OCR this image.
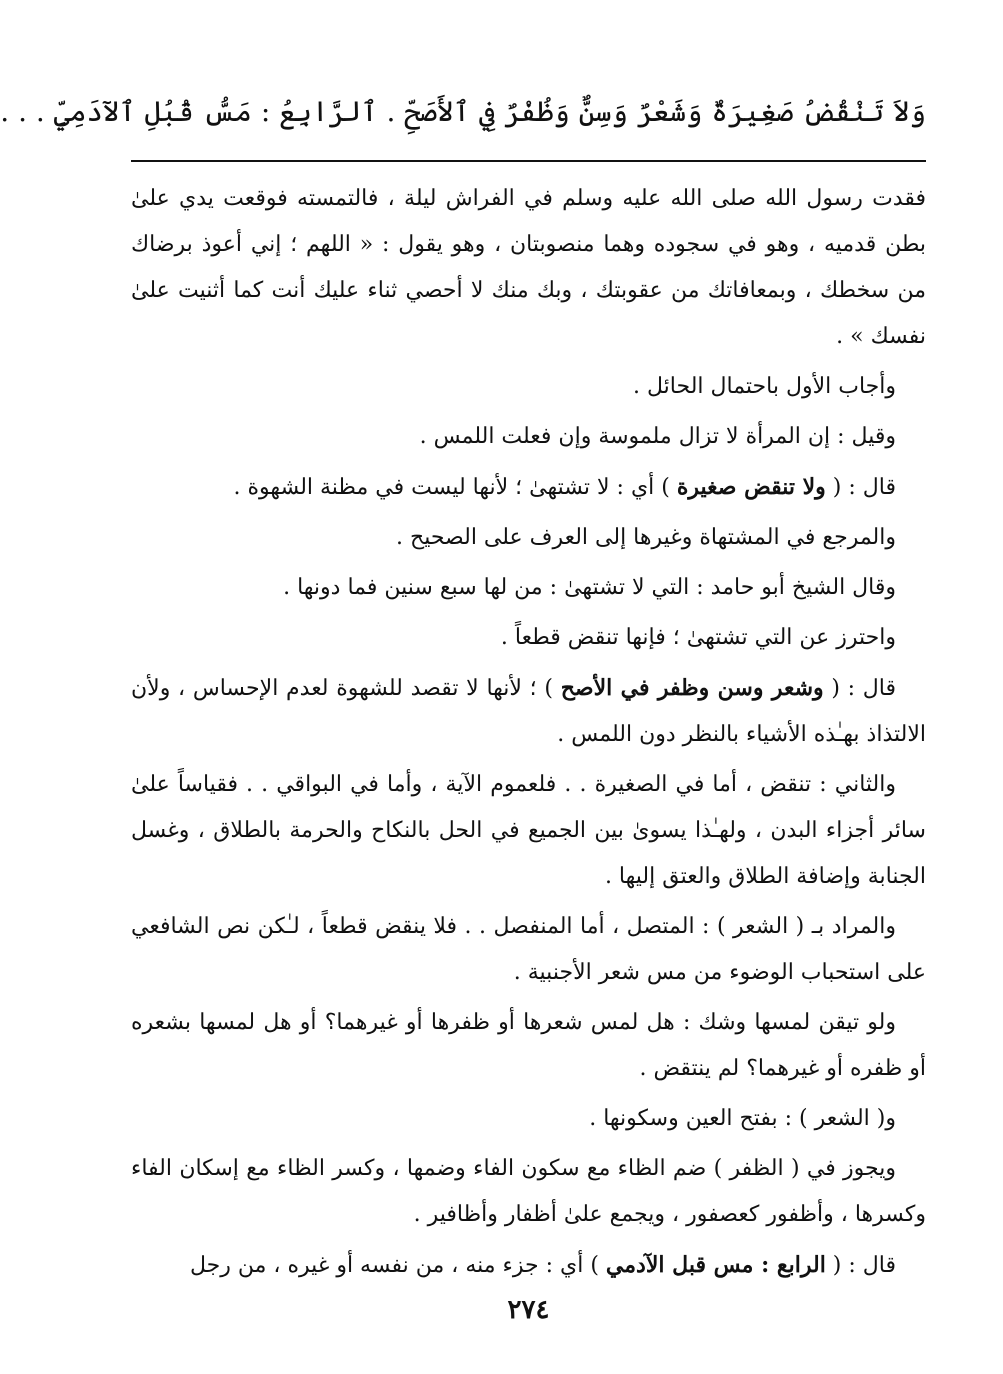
وَلاَ تَنْقُضُ صَغِيرَةٌ وَشَعْرٌ وَسِنٌّ وَظُفْرٌ فِي ٱلأَصَحِّ . ٱلرَّابِعُ : مَسُّ قُبُلِ ٱلآدَمِيِّ . . .

فقدت رسول الله صلى الله عليه وسلم في الفراش ليلة ، فالتمسته فوقعت يدي علىٰ بطن قدميه ، وهو في سجوده وهما منصوبتان ، وهو يقول : « اللهم ؛ إني أعوذ برضاك من سخطك ، وبمعافاتك من عقوبتك ، وبك منك لا أحصي ثناء عليك أنت كما أثنيت علىٰ نفسك » .

وأجاب الأول باحتمال الحائل .

وقيل : إن المرأة لا تزال ملموسة وإن فعلت اللمس .

قال : ( ولا تنقض صغيرة ) أي : لا تشتهىٰ ؛ لأنها ليست في مظنة الشهوة .

والمرجع في المشتهاة وغيرها إلى العرف على الصحيح .

وقال الشيخ أبو حامد : التي لا تشتهىٰ : من لها سبع سنين فما دونها .

واحترز عن التي تشتهىٰ ؛ فإنها تنقض قطعاً .

قال : ( وشعر وسن وظفر في الأصح ) ؛ لأنها لا تقصد للشهوة لعدم الإحساس ، ولأن الالتذاذ بهـٰذه الأشياء بالنظر دون اللمس .

والثاني : تنقض ، أما في الصغيرة . . فلعموم الآية ، وأما في البواقي . . فقياساً علىٰ سائر أجزاء البدن ، ولهـٰذا يسوىٰ بين الجميع في الحل بالنكاح والحرمة بالطلاق ، وغسل الجنابة وإضافة الطلاق والعتق إليها .

والمراد بـ ( الشعر ) : المتصل ، أما المنفصل . . فلا ينقض قطعاً ، لـٰكن نص الشافعي على استحباب الوضوء من مس شعر الأجنبية .

ولو تيقن لمسها وشك : هل لمس شعرها أو ظفرها أو غيرهما؟ أو هل لمسها بشعره أو ظفره أو غيرهما؟ لم ينتقض .

و( الشعر ) : بفتح العين وسكونها .

ويجوز في ( الظفر ) ضم الظاء مع سكون الفاء وضمها ، وكسر الظاء مع إسكان الفاء وكسرها ، وأظفور كعصفور ، ويجمع علىٰ أظفار وأظافير .

قال : ( الرابع : مس قبل الآدمي ) أي : جزء منه ، من نفسه أو غيره ، من رجل

٢٧٤
